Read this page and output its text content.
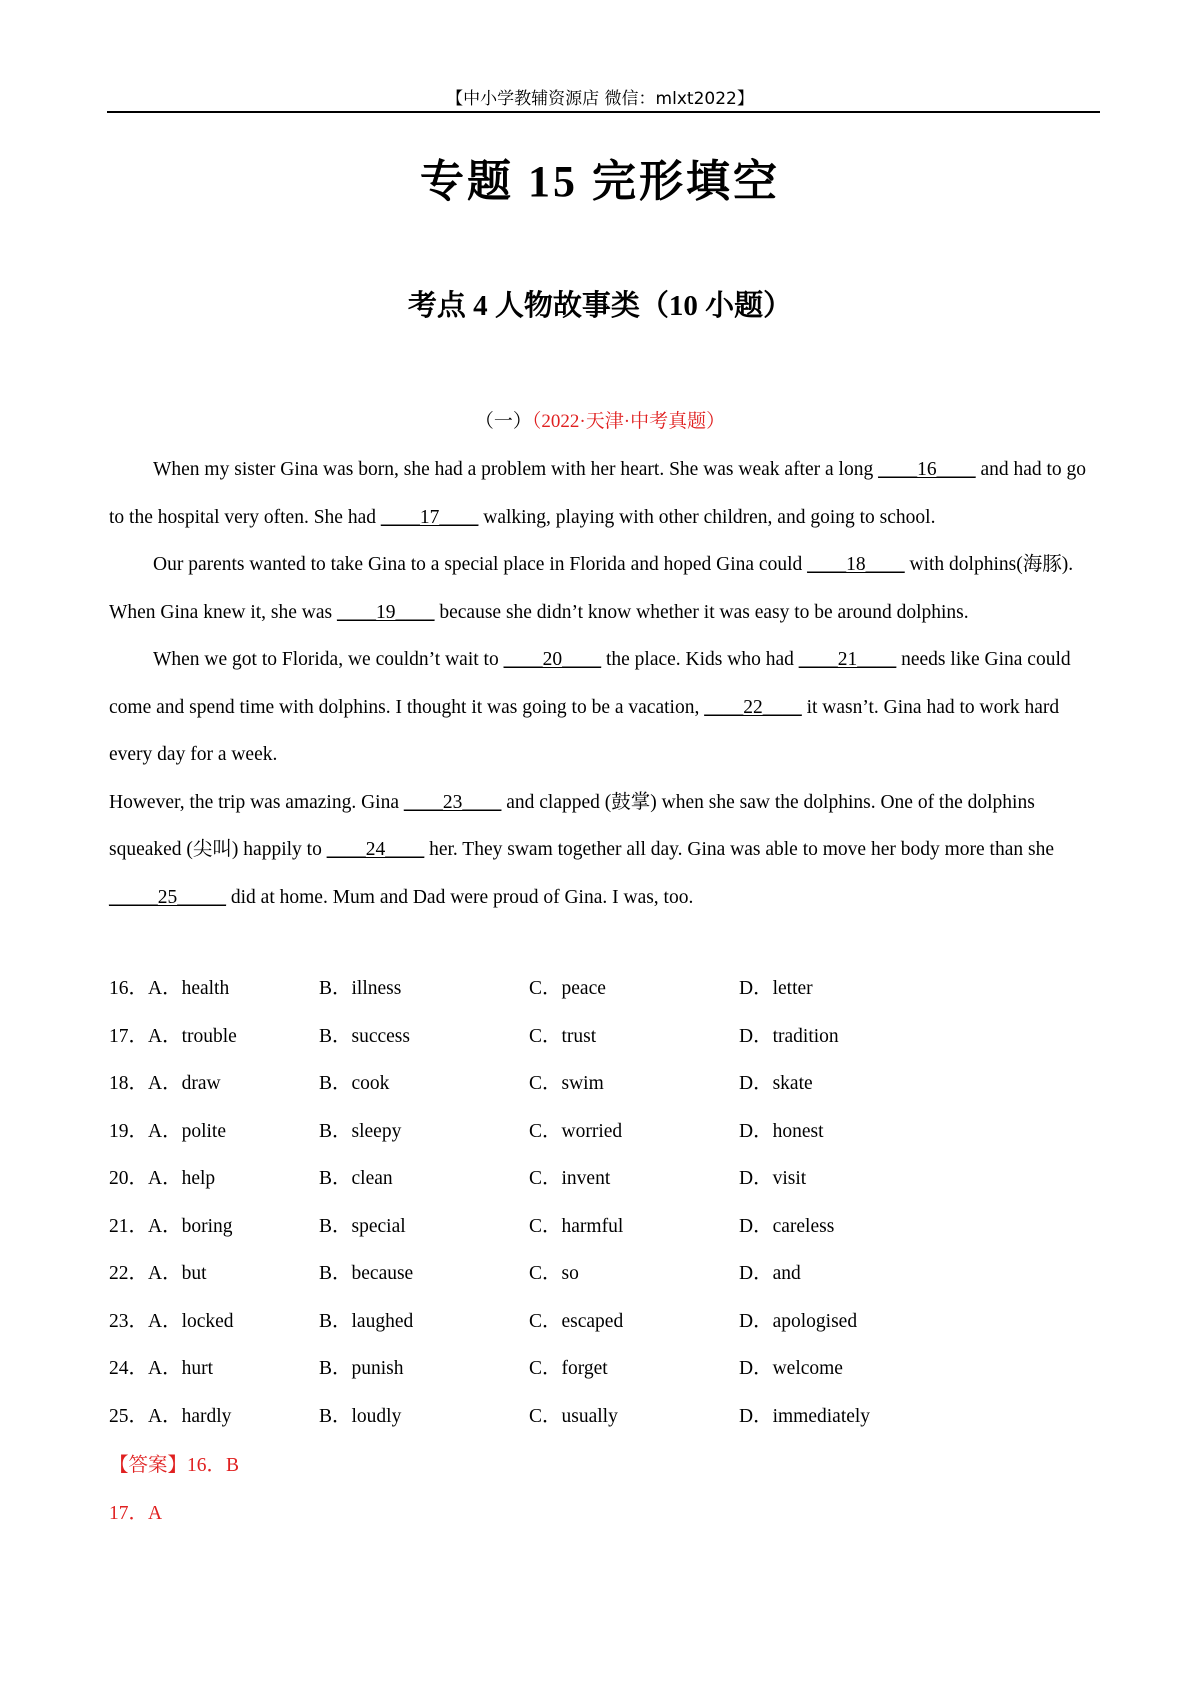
【中小学教辅资源店 微信：mlxt2022】
专题 15 完形填空
考点 4 人物故事类（10 小题）
（一）（2022·天津·中考真题）

When my sister Gina was born, she had a problem with her heart. She was weak after a long ____16____ and had to go to the hospital very often. She had ____17____ walking, playing with other children, and going to school.

Our parents wanted to take Gina to a special place in Florida and hoped Gina could ____18____ with dolphins(海豚). When Gina knew it, she was ____19____ because she didn’t know whether it was easy to be around dolphins.

When we got to Florida, we couldn’t wait to ____20____ the place. Kids who had ____21____ needs like Gina could come and spend time with dolphins. I thought it was going to be a vacation, ____22____ it wasn’t. Gina had to work hard every day for a week.

However, the trip was amazing. Gina ____23____ and clapped (鼓掌) when she saw the dolphins. One of the dolphins squeaked (尖叫) happily to ____24____ her. They swam together all day. Gina was able to move her body more than she _____25_____ did at home. Mum and Dad were proud of Gina. I was, too.

16．A．health	B．illness	C．peace	D．letter
17．A．trouble	B．success	C．trust	D．tradition
18．A．draw	B．cook	C．swim	D．skate
19．A．polite	B．sleepy	C．worried	D．honest
20．A．help	B．clean	C．invent	D．visit
21．A．boring	B．special	C．harmful	D．careless
22．A．but	B．because	C．so	D．and
23．A．locked	B．laughed	C．escaped	D．apologised
24．A．hurt	B．punish	C．forget	D．welcome
25．A．hardly	B．loudly	C．usually	D．immediately
【答案】16．B
17．A
